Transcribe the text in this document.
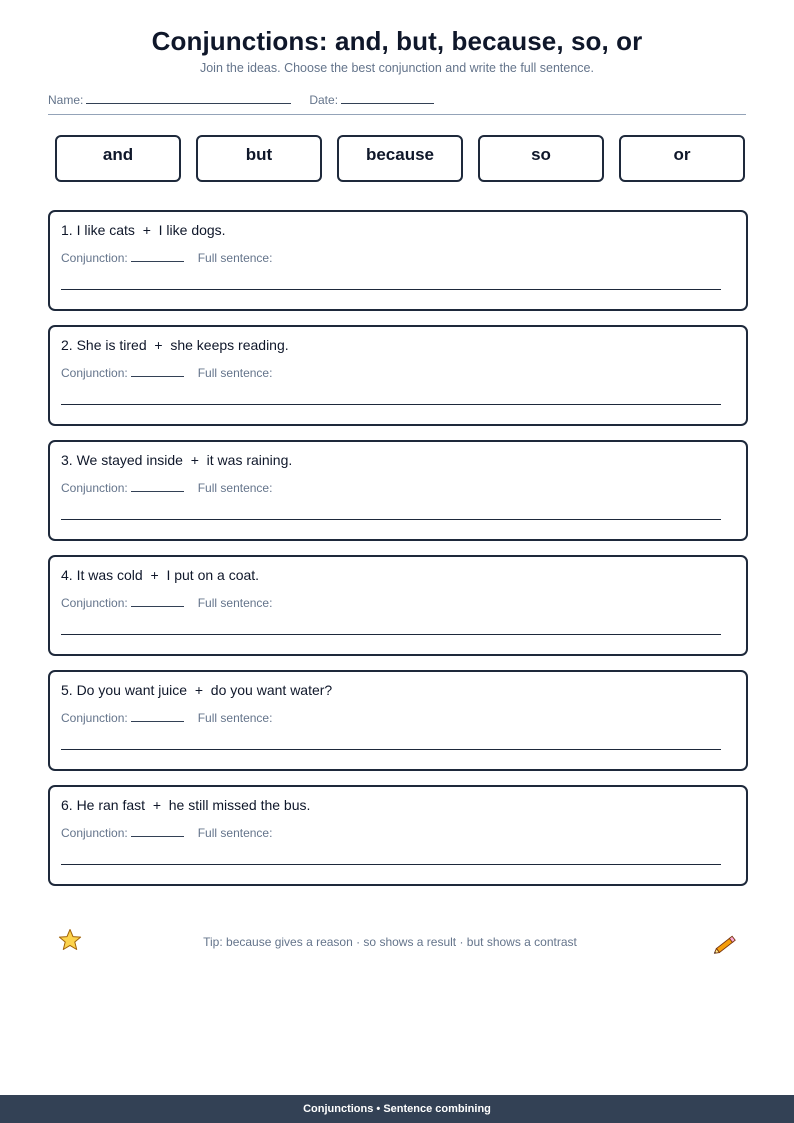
Conjunctions: and, but, because, so, or
Join the ideas. Choose the best conjunction and write the full sentence.
Name:	Date:
and	but	because	so	or
1. I like cats  +  I like dogs.
Conjunction:	Full sentence:
2. She is tired  +  she keeps reading.
Conjunction:	Full sentence:
3. We stayed inside  +  it was raining.
Conjunction:	Full sentence:
4. It was cold  +  I put on a coat.
Conjunction:	Full sentence:
5. Do you want juice  +  do you want water?
Conjunction:	Full sentence:
6. He ran fast  +  he still missed the bus.
Conjunction:	Full sentence:
Tip: because gives a reason · so shows a result · but shows a contrast
Conjunctions • Sentence combining
